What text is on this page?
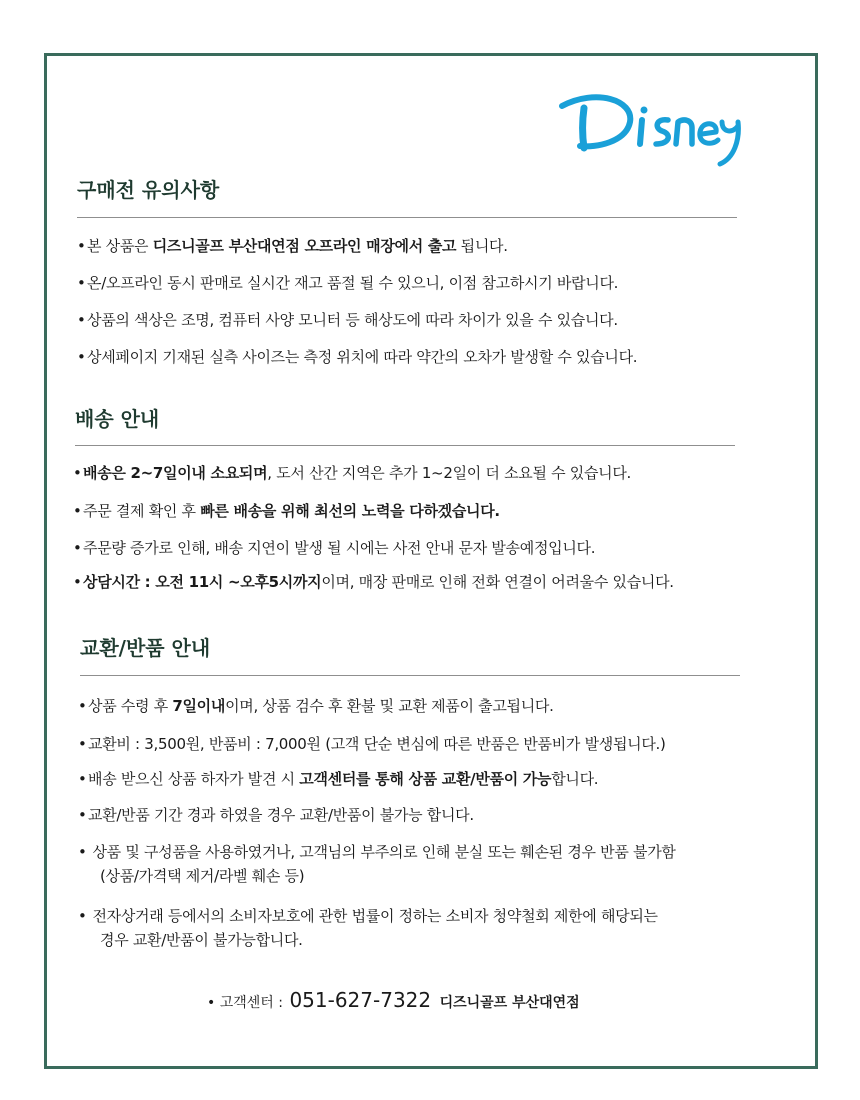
Disney
구매전 유의사항
•본 상품은 디즈니골프 부산대연점 오프라인 매장에서 출고 됩니다.
•온/오프라인 동시 판매로 실시간 재고 품절 될 수 있으니, 이점 참고하시기 바랍니다.
•상품의 색상은 조명, 컴퓨터 사양 모니터 등 해상도에 따라 차이가 있을 수 있습니다.
•상세페이지 기재된 실측 사이즈는 측정 위치에 따라 약간의 오차가 발생할 수 있습니다.
배송 안내
•배송은 2~7일이내 소요되며, 도서 산간 지역은 추가 1~2일이 더 소요될 수 있습니다.
•주문 결제 확인 후 빠른 배송을 위해 최선의 노력을 다하겠습니다.
•주문량 증가로 인해, 배송 지연이 발생 될 시에는 사전 안내 문자 발송예정입니다.
•상담시간 : 오전 11시 ~오후5시까지이며, 매장 판매로 인해 전화 연결이 어려울수 있습니다.
교환/반품 안내
•상품 수령 후 7일이내이며, 상품 검수 후 환불 및 교환 제품이 출고됩니다.
•교환비 : 3,500원, 반품비 : 7,000원 (고객 단순 변심에 따른 반품은 반품비가 발생됩니다.)
•배송 받으신 상품 하자가 발견 시 고객센터를 통해 상품 교환/반품이 가능합니다.
•교환/반품 기간 경과 하였을 경우 교환/반품이 불가능 합니다.
• 상품 및 구성품을 사용하였거나, 고객님의 부주의로 인해 분실 또는 훼손된 경우 반품 불가함
(상품/가격택 제거/라벨 훼손 등)
• 전자상거래 등에서의 소비자보호에 관한 법률이 정하는 소비자 청약철회 제한에 해당되는
경우 교환/반품이 불가능합니다.
• 고객센터 : 051-627-7322 디즈니골프 부산대연점
